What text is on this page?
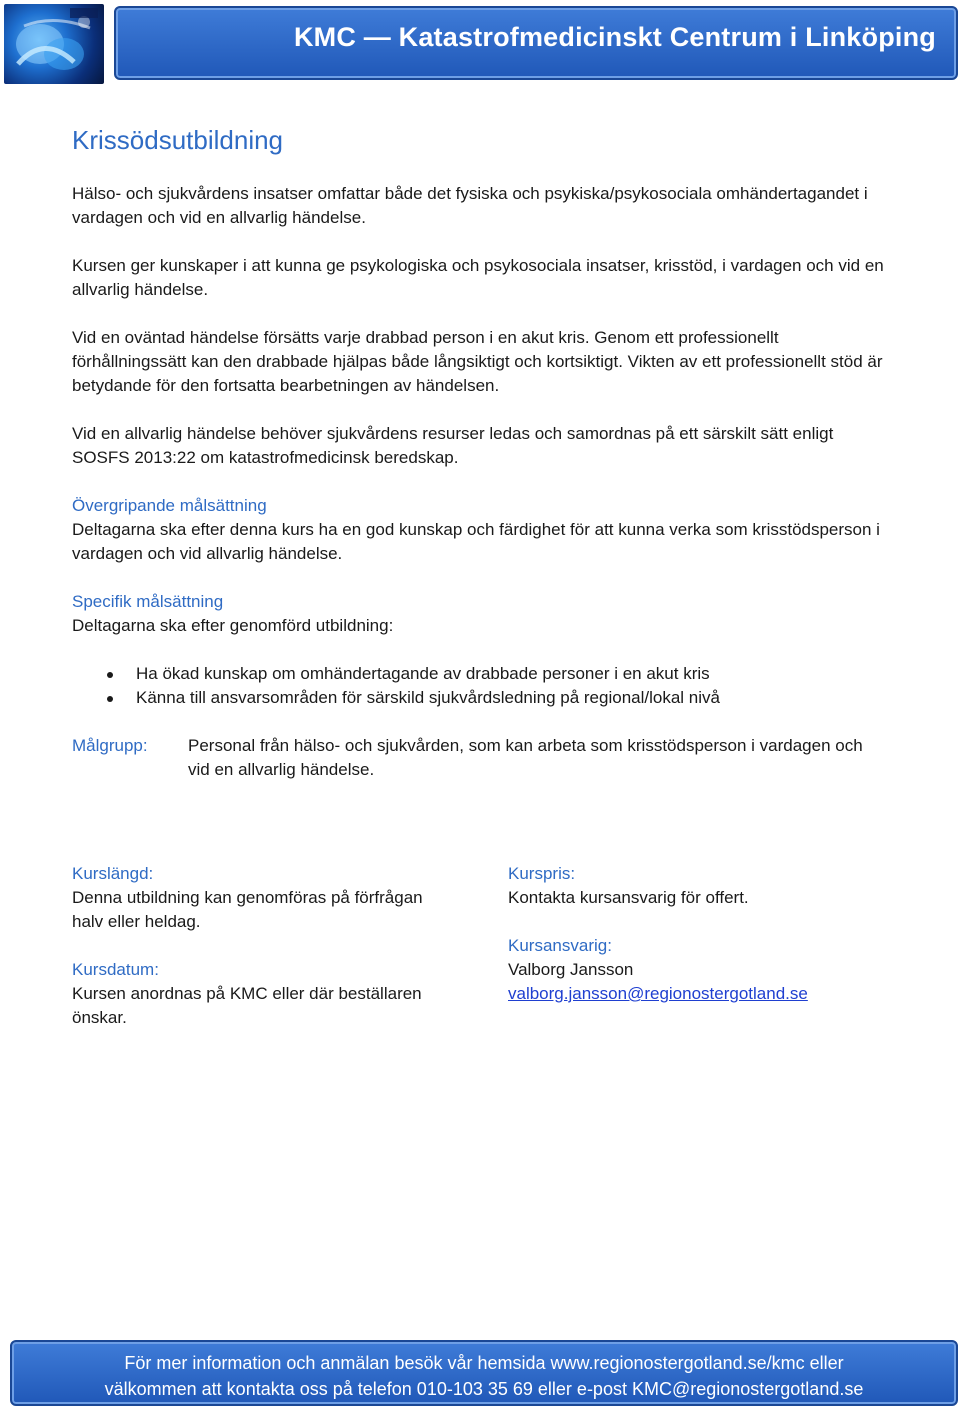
KMC — Katastrofmedicinskt Centrum i Linköping
Krissödsutbildning

Hälso- och sjukvårdens insatser omfattar både det fysiska och psykiska/psykosociala omhändertagandet i vardagen och vid en allvarlig händelse.

Kursen ger kunskaper i att kunna ge psykologiska och psykosociala insatser, krisstöd, i vardagen och vid en allvarlig händelse.

Vid en oväntad händelse försätts varje drabbad person i en akut kris. Genom ett professionellt förhållningssätt kan den drabbade hjälpas både långsiktigt och kortsiktigt. Vikten av ett professionellt stöd är betydande för den fortsatta bearbetningen av händelsen.

Vid en allvarlig händelse behöver sjukvårdens resurser ledas och samordnas på ett särskilt sätt enligt SOSFS 2013:22 om katastrofmedicinsk beredskap.

Övergripande målsättning

Deltagarna ska efter denna kurs ha en god kunskap och färdighet för att kunna verka som krisstödsperson i vardagen och vid allvarlig händelse.

Specifik målsättning

Deltagarna ska efter genomförd utbildning:

Ha ökad kunskap om omhändertagande av drabbade personer i en akut kris
Känna till ansvarsområden för särskild sjukvårdsledning på regional/lokal nivå
Målgrupp:	Personal från hälso- och sjukvården, som kan arbeta som krisstödsperson i vardagen och vid en allvarlig händelse.
Kurslängd:
Denna utbildning kan genomföras på förfrågan halv eller heldag.
Kursdatum:
Kursen anordnas på KMC eller där beställaren önskar.
Kurspris:
Kontakta kursansvarig för offert.
Kursansvarig:
Valborg Jansson
valborg.jansson@regionostergotland.se

För mer information och anmälan besök vår hemsida www.regionostergotland.se/kmc eller

välkommen att kontakta oss på telefon 010-103 35 69 eller e-post KMC@regionostergotland.se
